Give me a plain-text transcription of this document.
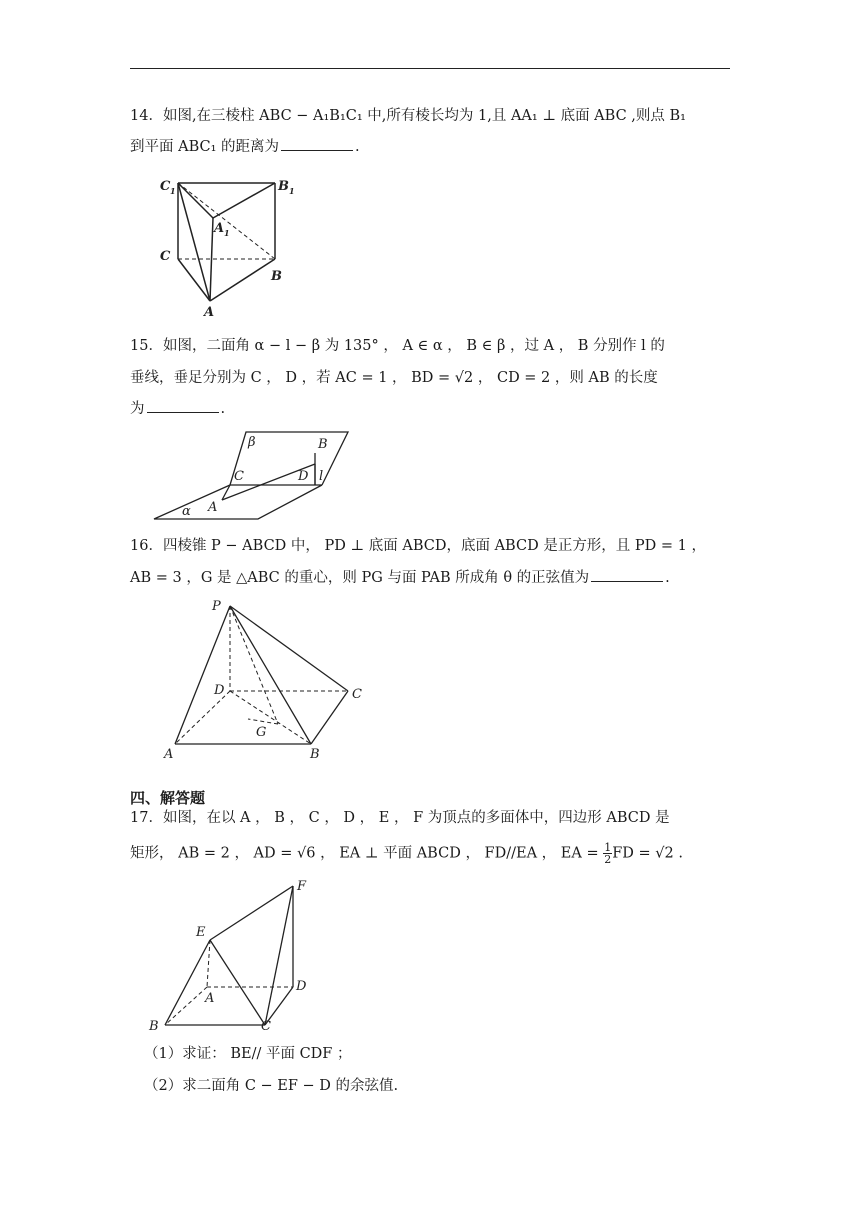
14．如图,在三棱柱 ABC − A₁B₁C₁ 中,所有棱长均为 1,且 AA₁ ⊥ 底面 ABC ,则点 B₁
到平面 ABC₁ 的距离为	.
C 1	B 1
A 1
C
B
A
15．如图，二面角 α − l − β 为 135° ， A ∈ α ， B ∈ β ，过 A ， B 分别作 l 的
垂线，垂足分别为 C ， D ，若 AC = 1 ， BD = √2 ， CD = 2 ，则 AB 的长度
为	.
β	B
C	D l
α A
16．四棱锥 P − ABCD 中， PD ⊥ 底面 ABCD，底面 ABCD 是正方形，且 PD = 1 ，
AB = 3 ，G 是 △ABC 的重心，则 PG 与面 PAB 所成角 θ 的正弦值为	.
P
D	C
A
G
B
四、解答题
17．如图，在以 A ， B ， C ， D ， E ， F 为顶点的多面体中，四边形 ABCD 是
矩形， AB = 2 ， AD = √6 ， EA ⊥ 平面 ABCD ， FD//EA ， EA = $\frac{1}{2}$ FD = √2 .
F
E
D
A
B	C
（1）求证： BE// 平面 CDF ；
（2）求二面角 C − EF − D 的余弦值.
